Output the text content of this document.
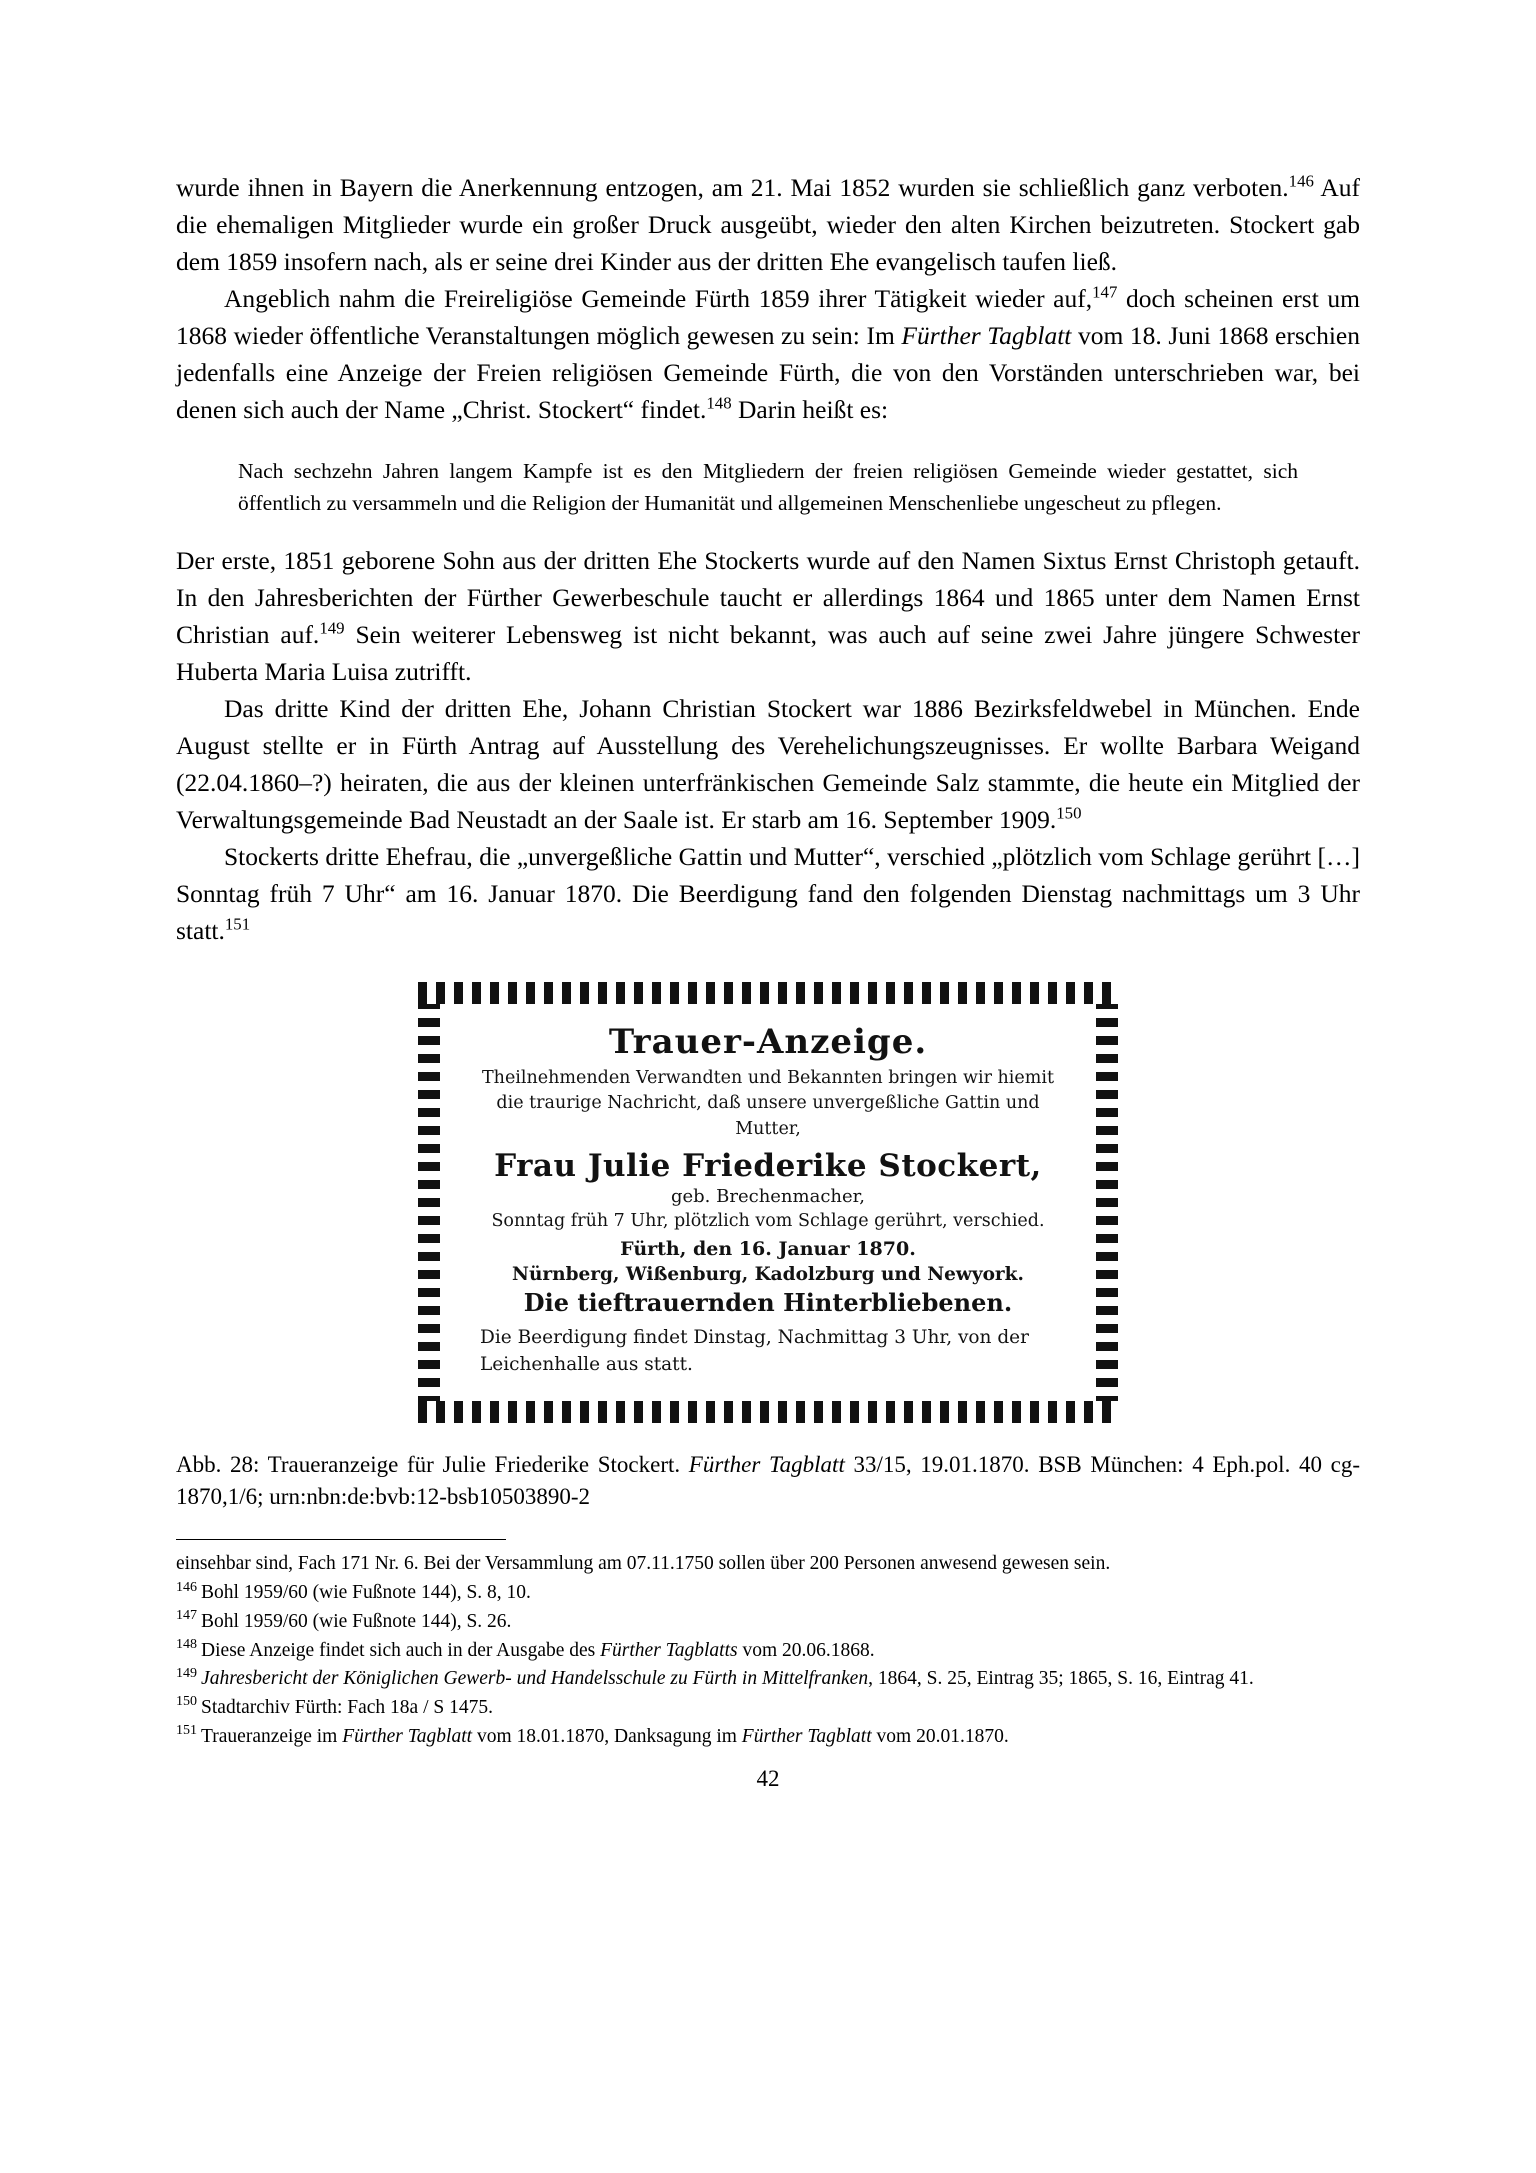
wurde ihnen in Bayern die Anerkennung entzogen, am 21. Mai 1852 wurden sie schließlich ganz verboten.$^{146}$ Auf die ehemaligen Mitglieder wurde ein großer Druck ausgeübt, wieder den alten Kirchen beizutreten. Stockert gab dem 1859 insofern nach, als er seine drei Kinder aus der dritten Ehe evangelisch taufen ließ.

Angeblich nahm die Freireligiöse Gemeinde Fürth 1859 ihrer Tätigkeit wieder auf,$^{147}$ doch scheinen erst um 1868 wieder öffentliche Veranstaltungen möglich gewesen zu sein: Im Fürther Tagblatt vom 18. Juni 1868 erschien jedenfalls eine Anzeige der Freien religiösen Gemeinde Fürth, die von den Vorständen unterschrieben war, bei denen sich auch der Name „Christ. Stockert“ findet.$^{148}$ Darin heißt es:

Nach sechzehn Jahren langem Kampfe ist es den Mitgliedern der freien religiösen Gemeinde wieder gestattet, sich öffentlich zu versammeln und die Religion der Humanität und allgemeinen Menschenliebe ungescheut zu pflegen.

Der erste, 1851 geborene Sohn aus der dritten Ehe Stockerts wurde auf den Namen Sixtus Ernst Christoph getauft. In den Jahresberichten der Fürther Gewerbeschule taucht er allerdings 1864 und 1865 unter dem Namen Ernst Christian auf.$^{149}$ Sein weiterer Lebensweg ist nicht bekannt, was auch auf seine zwei Jahre jüngere Schwester Huberta Maria Luisa zutrifft.

Das dritte Kind der dritten Ehe, Johann Christian Stockert war 1886 Bezirksfeldwebel in München. Ende August stellte er in Fürth Antrag auf Ausstellung des Verehelichungszeugnisses. Er wollte Barbara Weigand (22.04.1860–?) heiraten, die aus der kleinen unterfränkischen Gemeinde Salz stammte, die heute ein Mitglied der Verwaltungsgemeinde Bad Neustadt an der Saale ist. Er starb am 16. September 1909.$^{150}$

Stockerts dritte Ehefrau, die „unvergeßliche Gattin und Mutter“, verschied „plötzlich vom Schlage gerührt […] Sonntag früh 7 Uhr“ am 16. Januar 1870. Die Beerdigung fand den folgenden Dienstag nachmittags um 3 Uhr statt.$^{151}$

Trauer-Anzeige.
Theilnehmenden Verwandten und Bekannten bringen wir hiemit
die traurige Nachricht, daß unsere unvergeßliche Gattin und Mutter,
Frau Julie Friederike Stockert,
geb. Brechenmacher,
Sonntag früh 7 Uhr, plötzlich vom Schlage gerührt, verschied.
Fürth, den 16. Januar 1870.
Nürnberg, Wißenburg, Kadolzburg und Newyork.
Die tieftrauernden Hinterbliebenen.
Die Beerdigung findet Dinstag, Nachmittag 3 Uhr, von der Leichenhalle aus statt.
Abb. 28: Traueranzeige für Julie Friederike Stockert. Fürther Tagblatt 33/15, 19.01.1870. BSB München: 4 Eph.pol. 40 cg-1870,1/6; urn:nbn:de:bvb:12-bsb10503890-2

einsehbar sind, Fach 171 Nr. 6. Bei der Versammlung am 07.11.1750 sollen über 200 Personen anwesend gewesen sein.

$^{146}$ Bohl 1959/60 (wie Fußnote 144), S. 8, 10.

$^{147}$ Bohl 1959/60 (wie Fußnote 144), S. 26.

$^{148}$ Diese Anzeige findet sich auch in der Ausgabe des Fürther Tagblatts vom 20.06.1868.

$^{149}$ Jahresbericht der Königlichen Gewerb- und Handelsschule zu Fürth in Mittelfranken, 1864, S. 25, Eintrag 35; 1865, S. 16, Eintrag 41.

$^{150}$ Stadtarchiv Fürth: Fach 18a / S 1475.

$^{151}$ Traueranzeige im Fürther Tagblatt vom 18.01.1870, Danksagung im Fürther Tagblatt vom 20.01.1870.

42
